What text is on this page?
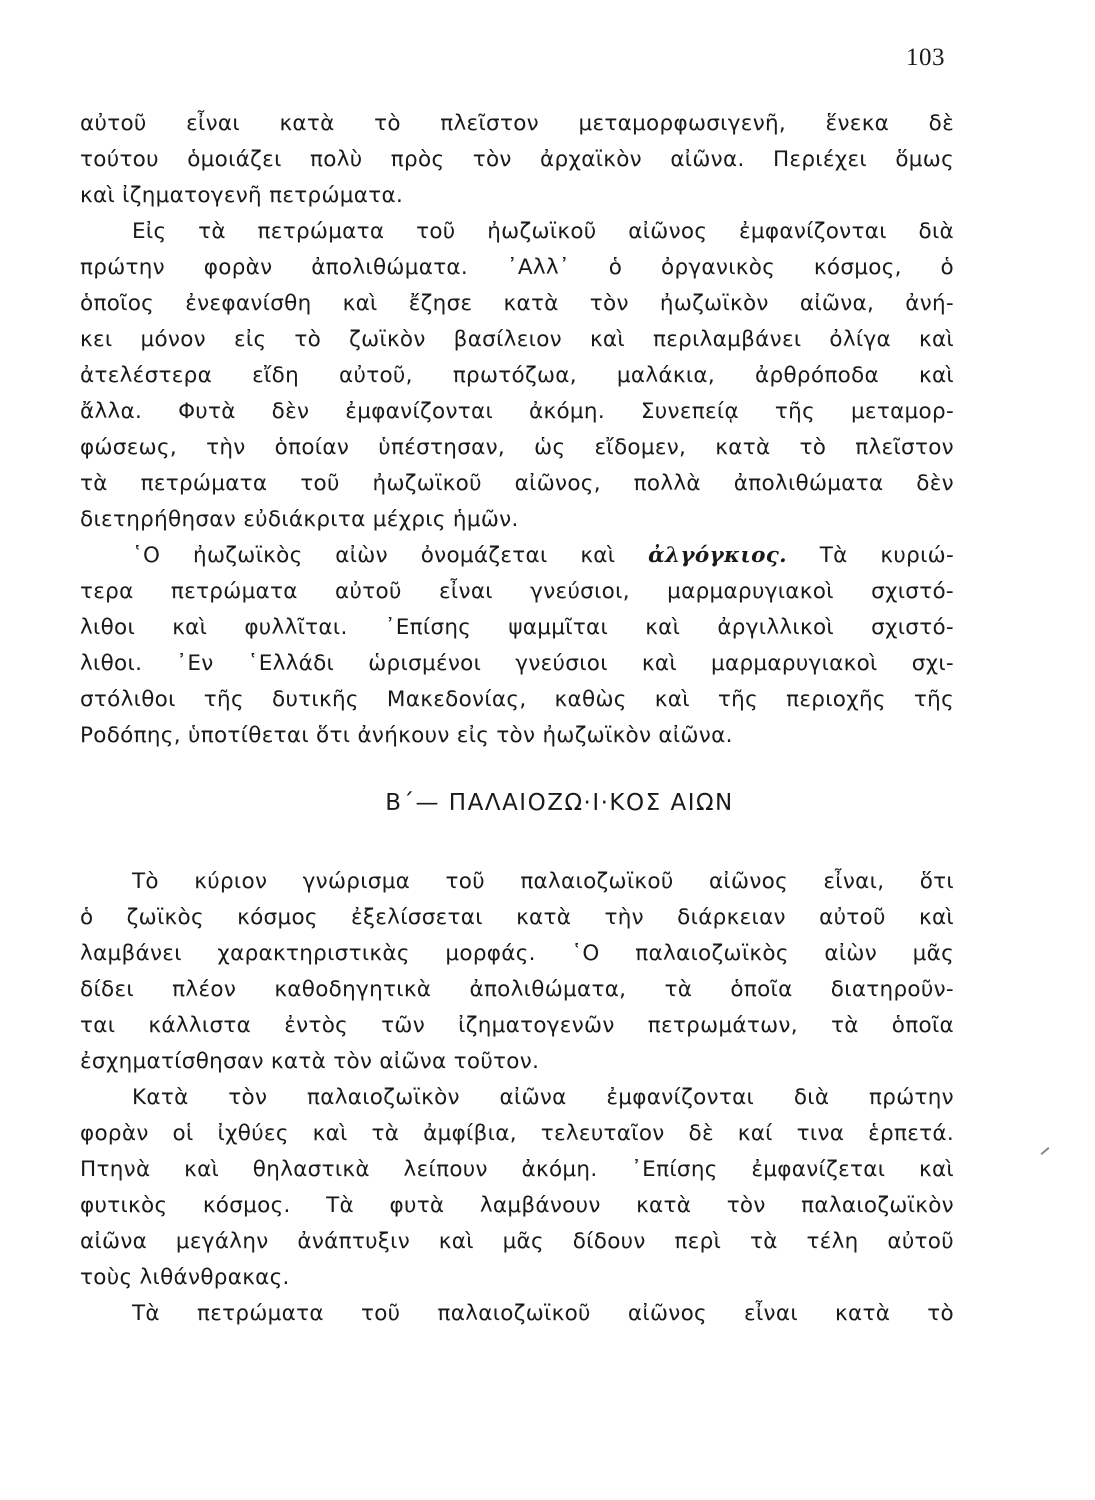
103
αὐτοῦ εἶναι κατὰ τὸ πλεῖστον μεταμορφωσιγενῆ, ἕνεκα δὲ
τούτου ὁμοιάζει πολὺ πρὸς τὸν ἀρχαϊκὸν αἰῶνα. Περιέχει ὅμως
καὶ ἰζηματογενῆ πετρώματα.
Εἰς τὰ πετρώματα τοῦ ἠωζωϊκοῦ αἰῶνος ἐμφανίζονται διὰ
πρώτην φορὰν ἀπολιθώματα. ᾿Αλλ᾿ ὁ ὀργανικὸς κόσμος, ὁ
ὁποῖος ἐνεφανίσθη καὶ ἔζησε κατὰ τὸν ἠωζωϊκὸν αἰῶνα, ἀνή-
κει μόνον εἰς τὸ ζωϊκὸν βασίλειον καὶ περιλαμβάνει ὀλίγα καὶ
ἀτελέστερα εἴδη αὐτοῦ, πρωτόζωα, μαλάκια, ἀρθρόποδα καὶ
ἄλλα. Φυτὰ δὲν ἐμφανίζονται ἀκόμη. Συνεπείᾳ τῆς μεταμορ-
φώσεως, τὴν ὁποίαν ὑπέστησαν, ὡς εἴδομεν, κατὰ τὸ πλεῖστον
τὰ πετρώματα τοῦ ἠωζωϊκοῦ αἰῶνος, πολλὰ ἀπολιθώματα δὲν
διετηρήθησαν εὐδιάκριτα μέχρις ἡμῶν.
῾Ο ἠωζωϊκὸς αἰὼν ὀνομάζεται καὶ ἀλγόγκιος. Τὰ κυριώ-
τερα πετρώματα αὐτοῦ εἶναι γνεύσιοι, μαρμαρυγιακοὶ σχιστό-
λιθοι καὶ φυλλῖται. ᾿Επίσης ψαμμῖται καὶ ἀργιλλικοὶ σχιστό-
λιθοι. ᾿Εν ῾Ελλάδι ὡρισμένοι γνεύσιοι καὶ μαρμαρυγιακοὶ σχι-
στόλιθοι τῆς δυτικῆς Μακεδονίας, καθὼς καὶ τῆς περιοχῆς τῆς
Ροδόπης, ὑποτίθεται ὅτι ἀνήκουν εἰς τὸν ἠωζωϊκὸν αἰῶνα.
Β΄— ΠΑΛΑΙΟΖΩ·Ι·ΚΟΣ ΑΙΩΝ
Τὸ κύριον γνώρισμα τοῦ παλαιοζωϊκοῦ αἰῶνος εἶναι, ὅτι
ὁ ζωϊκὸς κόσμος ἐξελίσσεται κατὰ τὴν διάρκειαν αὐτοῦ καὶ
λαμβάνει χαρακτηριστικὰς μορφάς. ῾Ο παλαιοζωϊκὸς αἰὼν μᾶς
δίδει πλέον καθοδηγητικὰ ἀπολιθώματα, τὰ ὁποῖα διατηροῦν-
ται κάλλιστα ἐντὸς τῶν ἰζηματογενῶν πετρωμάτων, τὰ ὁποῖα
ἐσχηματίσθησαν κατὰ τὸν αἰῶνα τοῦτον.
Κατὰ τὸν παλαιοζωϊκὸν αἰῶνα ἐμφανίζονται διὰ πρώτην
φορὰν οἱ ἰχθύες καὶ τὰ ἀμφίβια, τελευταῖον δὲ καί τινα ἑρπετά.
Πτηνὰ καὶ θηλαστικὰ λείπουν ἀκόμη. ᾿Επίσης ἐμφανίζεται καὶ
φυτικὸς κόσμος. Τὰ φυτὰ λαμβάνουν κατὰ τὸν παλαιοζωϊκὸν
αἰῶνα μεγάλην ἀνάπτυξιν καὶ μᾶς δίδουν περὶ τὰ τέλη αὐτοῦ
τοὺς λιθάνθρακας.
Τὰ πετρώματα τοῦ παλαιοζωϊκοῦ αἰῶνος εἶναι κατὰ τὸ
